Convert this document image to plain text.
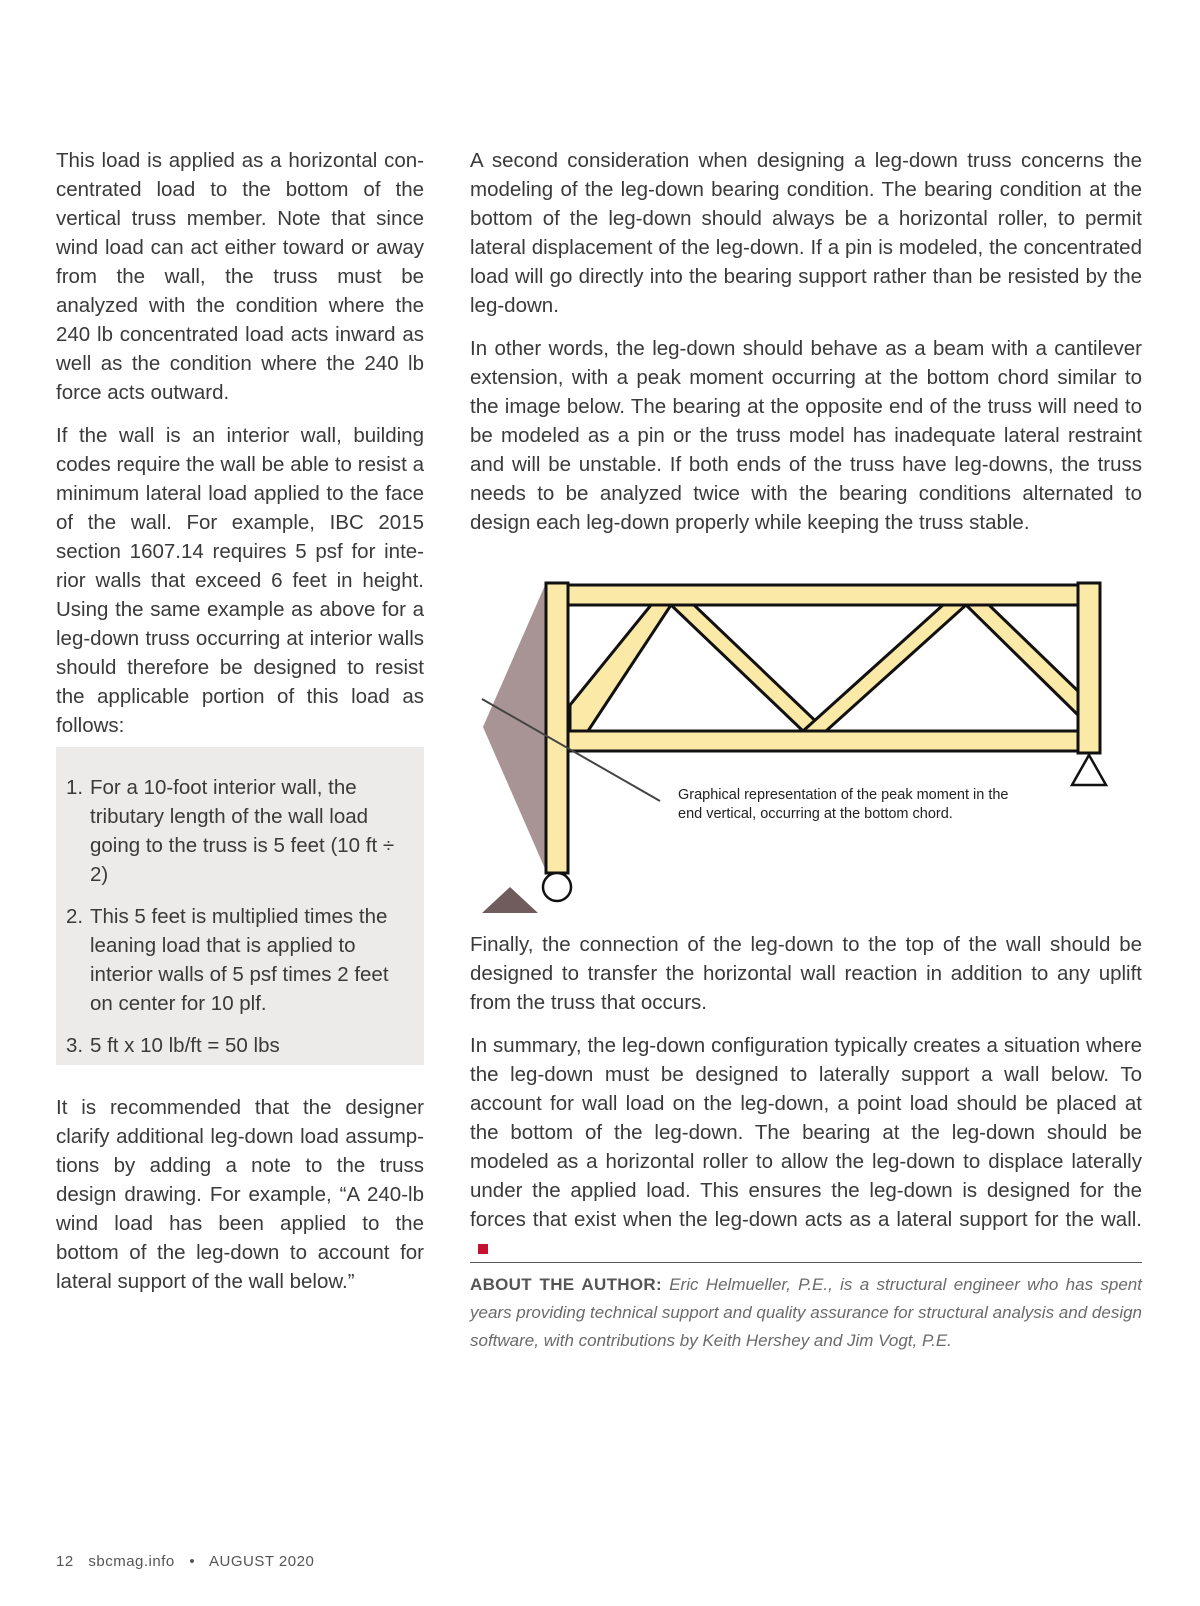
This load is applied as a horizontal concentrated load to the bottom of the vertical truss member. Note that since wind load can act either toward or away from the wall, the truss must be analyzed with the condition where the 240 lb concentrated load acts inward as well as the condition where the 240 lb force acts outward.

If the wall is an interior wall, building codes require the wall be able to resist a minimum lateral load applied to the face of the wall. For example, IBC 2015 section 1607.14 requires 5 psf for interior walls that exceed 6 feet in height. Using the same example as above for a leg-down truss occurring at interior walls should therefore be designed to resist the applicable portion of this load as follows:

1. For a 10-foot interior wall, the tributary length of the wall load going to the truss is 5 feet (10 ft ÷ 2)
2. This 5 feet is multiplied times the leaning load that is applied to interior walls of 5 psf times 2 feet on center for 10 plf.
3. 5 ft x 10 lb/ft = 50 lbs

It is recommended that the designer clarify additional leg-down load assumptions by adding a note to the truss design drawing. For example, “A 240-lb wind load has been applied to the bottom of the leg-down to account for lateral support of the wall below.”

A second consideration when designing a leg-down truss concerns the modeling of the leg-down bearing condition. The bearing condition at the bottom of the leg-down should always be a horizontal roller, to permit lateral displacement of the leg-down. If a pin is modeled, the concentrated load will go directly into the bearing support rather than be resisted by the leg-down.

In other words, the leg-down should behave as a beam with a cantilever extension, with a peak moment occurring at the bottom chord similar to the image below. The bearing at the opposite end of the truss will need to be modeled as a pin or the truss model has inadequate lateral restraint and will be unstable. If both ends of the truss have leg-downs, the truss needs to be analyzed twice with the bearing conditions alternated to design each leg-down properly while keeping the truss stable.

Graphical representation of the peak moment in the
end vertical, occurring at the bottom chord.

Finally, the connection of the leg-down to the top of the wall should be designed to transfer the horizontal wall reaction in addition to any uplift from the truss that occurs.

In summary, the leg-down configuration typically creates a situation where the leg-down must be designed to laterally support a wall below. To account for wall load on the leg-down, a point load should be placed at the bottom of the leg-down. The bearing at the leg-down should be modeled as a horizontal roller to allow the leg-down to displace laterally under the applied load. This ensures the leg-down is designed for the forces that exist when the leg-down acts as a lateral support for the wall.

ABOUT THE AUTHOR: Eric Helmueller, P.E., is a structural engineer who has spent years providing technical support and quality assurance for structural analysis and design software, with contributions by Keith Hershey and Jim Vogt, P.E.
12 sbcmag.info • AUGUST 2020
